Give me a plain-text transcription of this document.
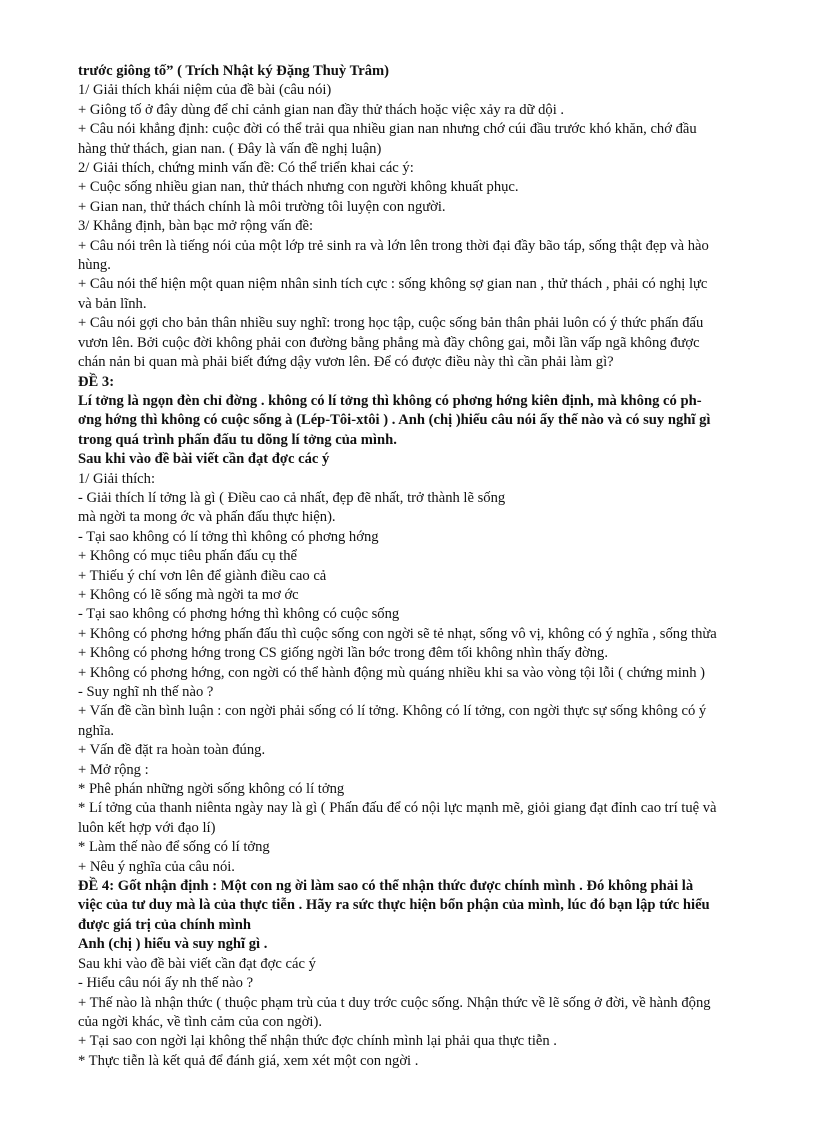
trước giông tố” ( Trích Nhật ký Đặng Thuỳ Trâm)
1/ Giải thích khái niệm của đề bài (câu nói)
+ Giông tố ở đây dùng để chỉ cảnh gian nan đầy thử thách hoặc việc xảy ra dữ dội .
+ Câu nói khẳng định: cuộc đời có thể trải qua nhiều gian nan nhưng chớ cúi đầu trước khó khăn, chớ đầu
hàng thử thách, gian nan. ( Đây là vấn đề nghị luận)
2/ Giải thích, chứng minh vấn đề: Có thể triển khai các ý:
+ Cuộc sống nhiều gian nan, thử thách nhưng con người không khuất phục.
+ Gian nan, thử thách chính là môi trường tôi luyện con người.
3/ Khẳng định, bàn bạc mở rộng vấn đề:
+ Câu nói trên là tiếng nói của một lớp trẻ sinh ra và lớn lên trong thời đại đầy bão táp, sống thật đẹp và hào
hùng.
+ Câu nói thể hiện một quan niệm nhân sinh tích cực : sống không sợ gian nan , thử thách , phải có nghị lực
và bản lĩnh.
+ Câu nói gợi cho bản thân nhiều suy nghĩ: trong học tập, cuộc sống bản thân phải luôn có ý thức phấn đấu
vươn lên. Bởi cuộc đời không phải con đường bằng phẳng mà đầy chông gai, mỗi lần vấp ngã không được
chán nản bi quan mà phải biết đứng dậy vươn lên. Để có được điều này thì cần phải làm gì?
ĐỀ 3:
Lí tởng là ngọn đèn chỉ đờng . không có lí tởng thì không có phơng hớng kiên định, mà không có ph-
ơng hớng thì không có cuộc sống à (Lép-Tôi-xtôi ) . Anh (chị )hiểu câu nói ấy thế nào và có suy nghĩ gì
trong quá trình phấn đấu tu dõng lí tởng của mình.
Sau khi vào đề bài viết cần đạt đợc các ý
1/ Giải thích:
- Giải thích lí tởng là gì ( Điều cao cả nhất, đẹp đẽ nhất, trở thành lẽ sống
mà ngời ta mong ớc và phấn đấu thực hiện).
- Tại sao không có lí tởng thì không có phơng hớng
+ Không có mục tiêu phấn đấu cụ thể
+ Thiếu ý chí vơn lên để giành điều cao cả
+ Không có lẽ sống mà ngời ta mơ ớc
- Tại sao không có phơng hớng thì không có cuộc sống
+ Không có phơng hớng phấn đấu thì cuộc sống con ngời sẽ tẻ nhạt, sống vô vị, không có ý nghĩa , sống thừa
+ Không có phơng hớng trong CS giống ngời lần bớc trong đêm tối không nhìn thấy đờng.
+ Không có phơng hớng, con ngời có thể hành động mù quáng nhiều khi sa vào vòng tội lỗi ( chứng minh )
- Suy nghĩ nh thế nào ?
+ Vấn đề cần bình luận : con ngời phải sống có lí tởng. Không có lí tởng, con ngời thực sự sống không có ý
nghĩa.
+ Vấn đề đặt ra hoàn toàn đúng.
+ Mở rộng :
* Phê phán những ngời sống không có lí tởng
* Lí tởng của thanh niênta ngày nay là gì ( Phấn đấu để có nội lực mạnh mẽ, giỏi giang đạt đỉnh cao trí tuệ và
luôn kết hợp với đạo lí)
* Làm thế nào để sống có lí tởng
+ Nêu ý nghĩa của câu nói.
ĐỀ 4: Gốt nhận định : Một con ng ời làm sao có thể nhận thức được chính mình . Đó không phải là
việc của tư duy mà là của thực tiễn . Hãy ra sức thực hiện bổn phận của mình, lúc đó bạn lập tức hiểu
được giá trị của chính mình
Anh (chị ) hiểu và suy nghĩ gì .
Sau khi vào đề bài viết cần đạt đợc các ý
- Hiểu câu nói ấy nh thế nào ?
+ Thế nào là nhận thức ( thuộc phạm trù của t duy trớc cuộc sống. Nhận thức về lẽ sống ở đời, về hành động
của ngời khác, về tình cảm của con ngời).
+ Tại sao con ngời lại không thể nhận thức đợc chính mình lại phải qua thực tiễn .
* Thực tiễn là kết quả để đánh giá, xem xét một con ngời .
